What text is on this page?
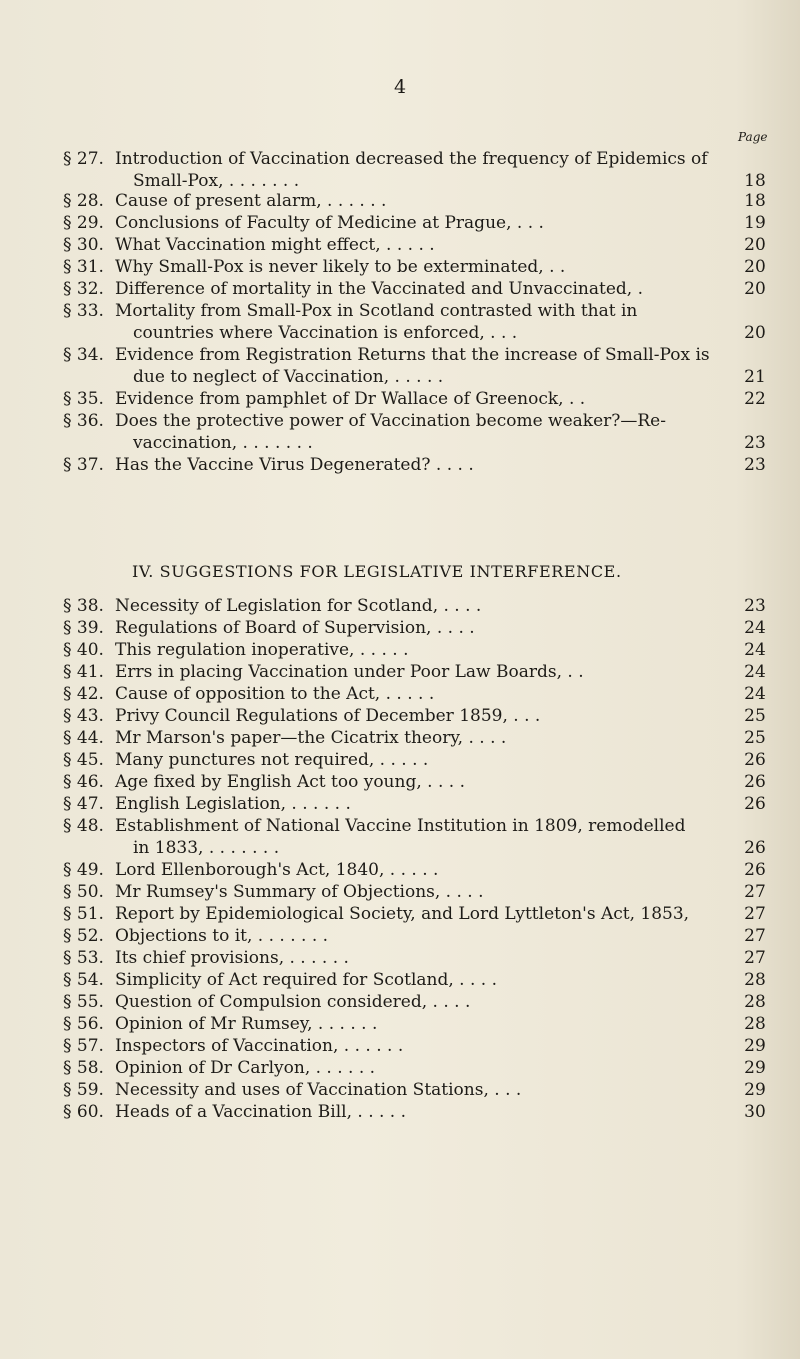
4
Page
IV. SUGGESTIONS FOR LEGISLATIVE INTERFERENCE.
§ 27. Introduction of Vaccination decreased the frequency of Epidemics of
Small-Pox, . . . . . . .	18
§ 28. Cause of present alarm, . . . . . .	18
§ 29. Conclusions of Faculty of Medicine at Prague, . . .	19
§ 30. What Vaccination might effect, . . . . .	20
§ 31. Why Small-Pox is never likely to be exterminated, . .	20
§ 32. Difference of mortality in the Vaccinated and Unvaccinated, .	20
§ 33. Mortality from Small-Pox in Scotland contrasted with that in
countries where Vaccination is enforced, . . .	20
§ 34. Evidence from Registration Returns that the increase of Small-Pox is
due to neglect of Vaccination, . . . . .	21
§ 35. Evidence from pamphlet of Dr Wallace of Greenock, . .	22
§ 36. Does the protective power of Vaccination become weaker?—Re-
vaccination, . . . . . . .	23
§ 37. Has the Vaccine Virus Degenerated? . . . .	23
§ 38. Necessity of Legislation for Scotland, . . . .	23
§ 39. Regulations of Board of Supervision, . . . .	24
§ 40. This regulation inoperative, . . . . .	24
§ 41. Errs in placing Vaccination under Poor Law Boards, . .	24
§ 42. Cause of opposition to the Act, . . . . .	24
§ 43. Privy Council Regulations of December 1859, . . .	25
§ 44. Mr Marson's paper—the Cicatrix theory, . . . .	25
§ 45. Many punctures not required, . . . . .	26
§ 46. Age fixed by English Act too young, . . . .	26
§ 47. English Legislation, . . . . . .	26
§ 48. Establishment of National Vaccine Institution in 1809, remodelled
in 1833, . . . . . . .	26
§ 49. Lord Ellenborough's Act, 1840, . . . . .	26
§ 50. Mr Rumsey's Summary of Objections, . . . .	27
§ 51. Report by Epidemiological Society, and Lord Lyttleton's Act, 1853,	27
§ 52. Objections to it, . . . . . . .	27
§ 53. Its chief provisions, . . . . . .	27
§ 54. Simplicity of Act required for Scotland, . . . .	28
§ 55. Question of Compulsion considered, . . . .	28
§ 56. Opinion of Mr Rumsey, . . . . . .	28
§ 57. Inspectors of Vaccination, . . . . . .	29
§ 58. Opinion of Dr Carlyon, . . . . . .	29
§ 59. Necessity and uses of Vaccination Stations, . . .	29
§ 60. Heads of a Vaccination Bill, . . . . .	30
